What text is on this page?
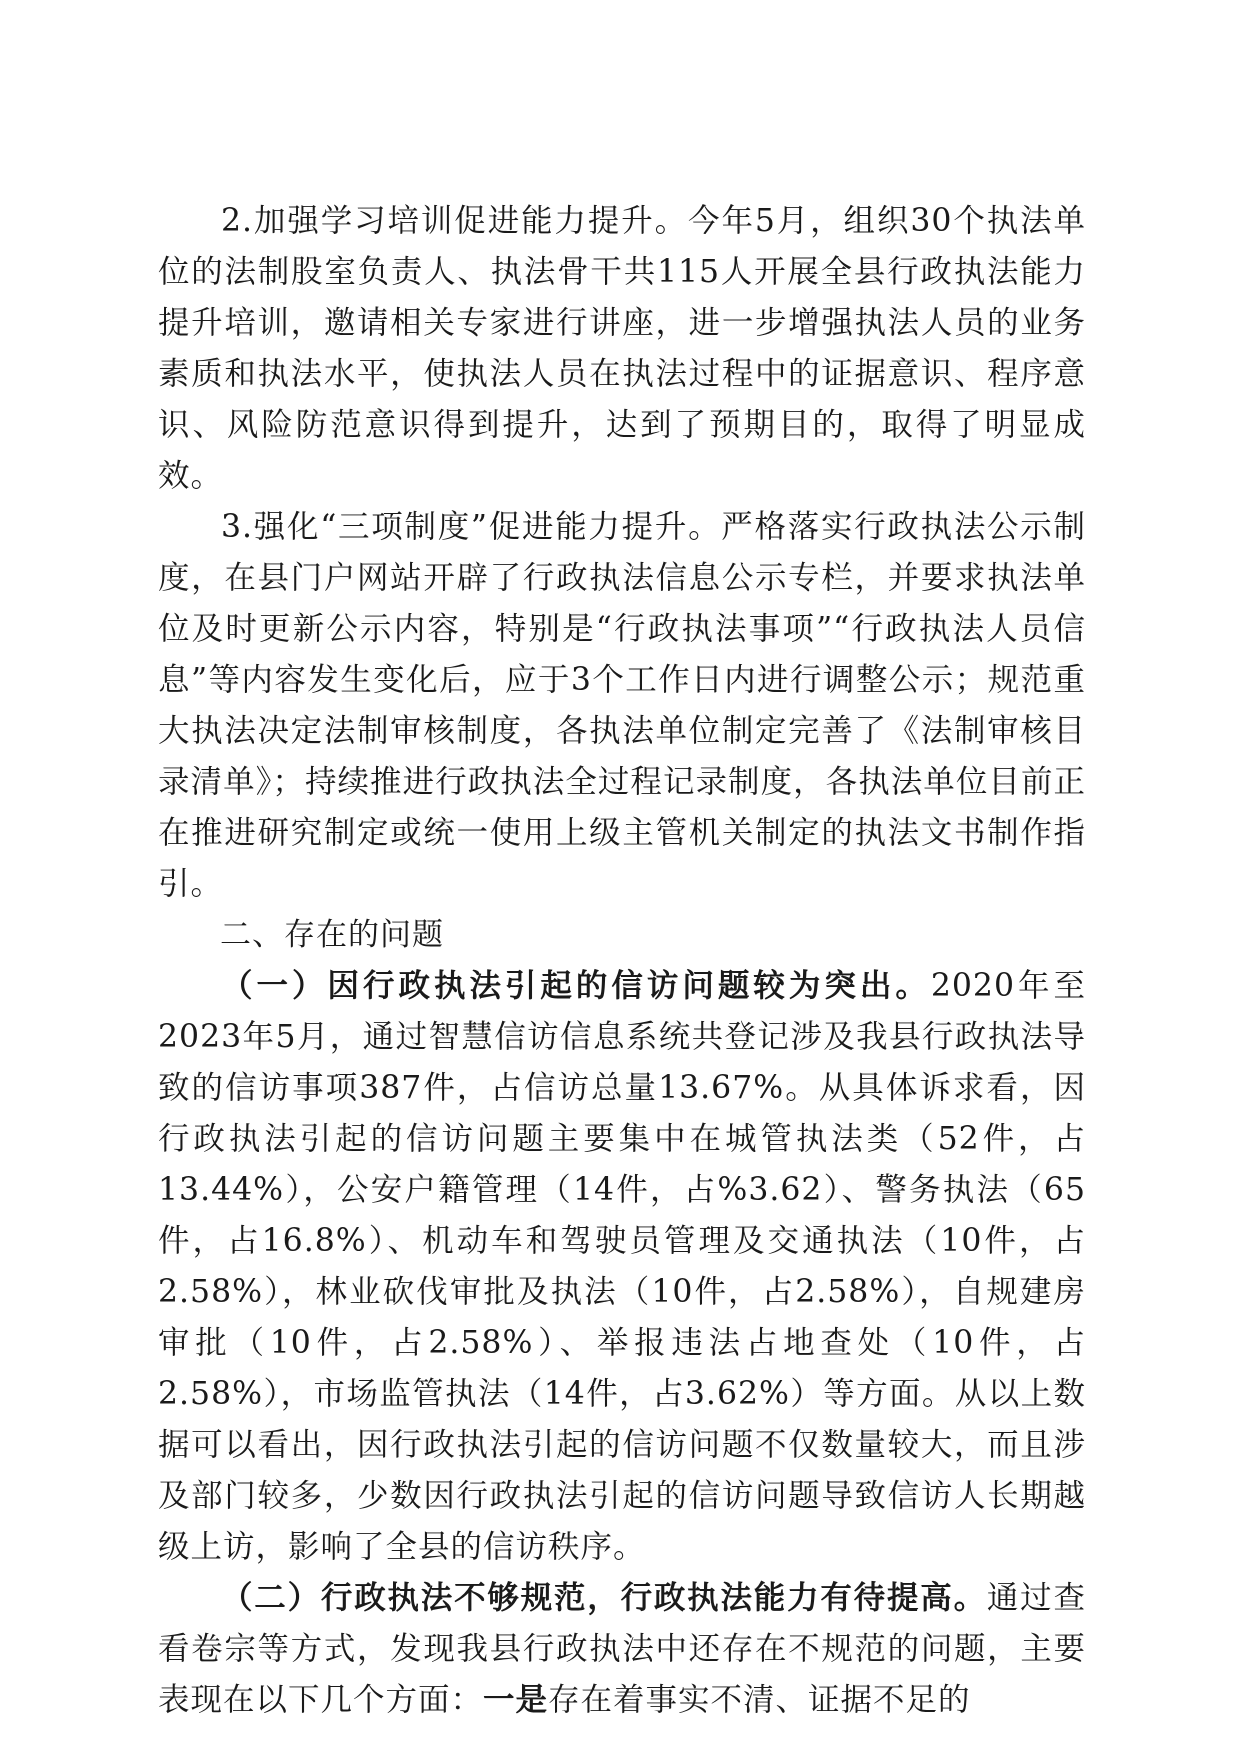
2.加强学习培训促进能力提升。今年5月，组织30个执法单位的法制股室负责人、执法骨干共115人开展全县行政执法能力提升培训，邀请相关专家进行讲座，进一步增强执法人员的业务素质和执法水平，使执法人员在执法过程中的证据意识、程序意识、风险防范意识得到提升，达到了预期目的，取得了明显成效。

3.强化“三项制度”促进能力提升。严格落实行政执法公示制度，在县门户网站开辟了行政执法信息公示专栏，并要求执法单位及时更新公示内容，特别是“行政执法事项”“行政执法人员信息”等内容发生变化后，应于3个工作日内进行调整公示；规范重大执法决定法制审核制度，各执法单位制定完善了《法制审核目录清单》；持续推进行政执法全过程记录制度，各执法单位目前正在推进研究制定或统一使用上级主管机关制定的执法文书制作指引。

二、存在的问题

（一）因行政执法引起的信访问题较为突出。2020年至2023年5月，通过智慧信访信息系统共登记涉及我县行政执法导致的信访事项387件，占信访总量13.67%。从具体诉求看，因行政执法引起的信访问题主要集中在城管执法类（52件，占13.44%），公安户籍管理（14件，占%3.62）、警务执法（65件，占16.8%）、机动车和驾驶员管理及交通执法（10件，占2.58%），林业砍伐审批及执法（10件，占2.58%），自规建房审批（10件，占2.58%）、举报违法占地查处（10件，占2.58%），市场监管执法（14件，占3.62%）等方面。从以上数据可以看出，因行政执法引起的信访问题不仅数量较大，而且涉及部门较多，少数因行政执法引起的信访问题导致信访人长期越级上访，影响了全县的信访秩序。

（二）行政执法不够规范，行政执法能力有待提高。通过查看卷宗等方式，发现我县行政执法中还存在不规范的问题，主要表现在以下几个方面：一是存在着事实不清、证据不足的
